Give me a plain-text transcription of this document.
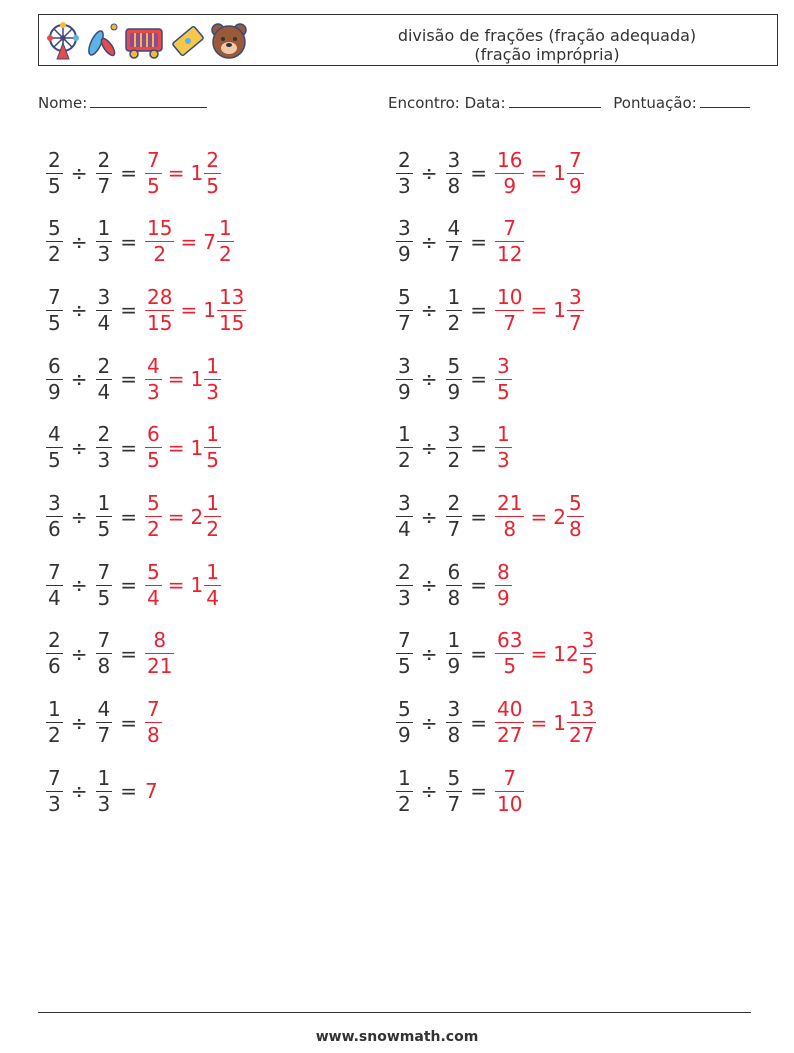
divisão de frações (fração adequada)
(fração imprópria)
Nome:	Encontro: Data:	Pontuação:
$\frac{2}{5} \div \frac{2}{7} = \frac{7}{5} = 1 \frac{2}{5}$	$\frac{2}{3} \div \frac{3}{8} = \frac{16}{9} = 1 \frac{7}{9}$
$\frac{5}{2} \div \frac{1}{3} = \frac{15}{2} = 7 \frac{1}{2}$	$\frac{3}{9} \div \frac{4}{7} = \frac{7}{12}$
$\frac{7}{5} \div \frac{3}{4} = \frac{28}{15} = 1 \frac{13}{15}$	$\frac{5}{7} \div \frac{1}{2} = \frac{10}{7} = 1 \frac{3}{7}$
$\frac{6}{9} \div \frac{2}{4} = \frac{4}{3} = 1 \frac{1}{3}$	$\frac{3}{9} \div \frac{5}{9} = \frac{3}{5}$
$\frac{4}{5} \div \frac{2}{3} = \frac{6}{5} = 1 \frac{1}{5}$	$\frac{1}{2} \div \frac{3}{2} = \frac{1}{3}$
$\frac{3}{6} \div \frac{1}{5} = \frac{5}{2} = 2 \frac{1}{2}$	$\frac{3}{4} \div \frac{2}{7} = \frac{21}{8} = 2 \frac{5}{8}$
$\frac{7}{4} \div \frac{7}{5} = \frac{5}{4} = 1 \frac{1}{4}$	$\frac{2}{3} \div \frac{6}{8} = \frac{8}{9}$
$\frac{2}{6} \div \frac{7}{8} = \frac{8}{21}$	$\frac{7}{5} \div \frac{1}{9} = \frac{63}{5} = 12 \frac{3}{5}$
$\frac{1}{2} \div \frac{4}{7} = \frac{7}{8}$	$\frac{5}{9} \div \frac{3}{8} = \frac{40}{27} = 1 \frac{13}{27}$
$\frac{7}{3} \div \frac{1}{3} = 7$	$\frac{1}{2} \div \frac{5}{7} = \frac{7}{10}$
www.snowmath.com
